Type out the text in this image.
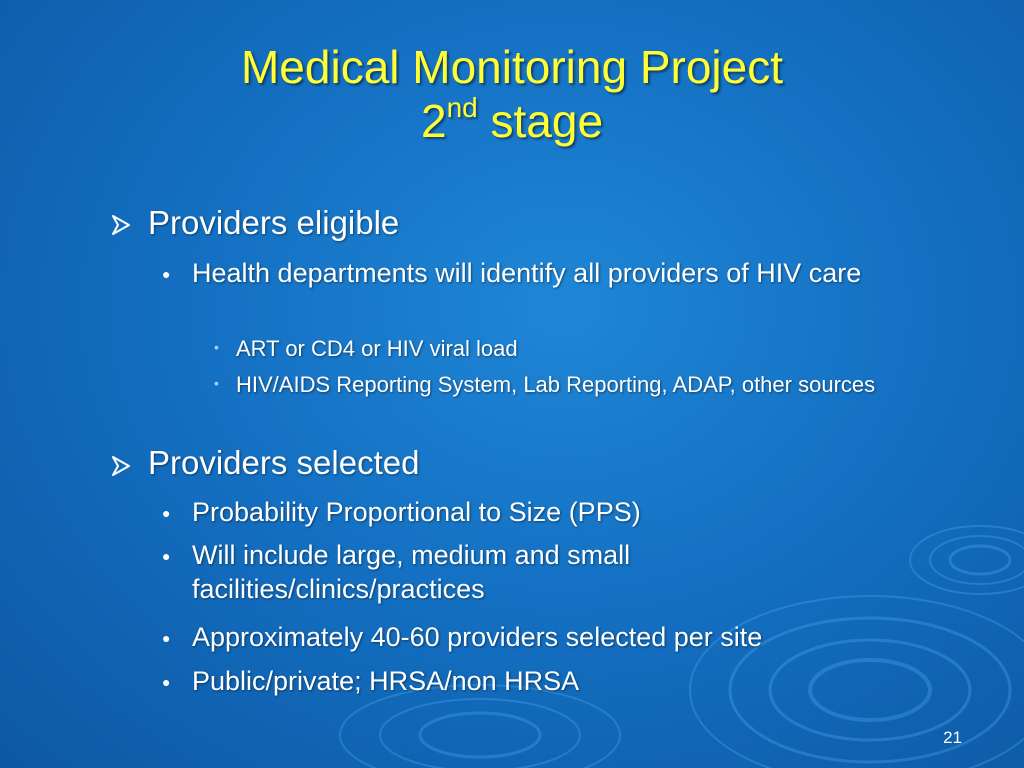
Medical Monitoring Project
2nd stage
Providers eligible
● Health departments will identify all providers of HIV care
• ART or CD4 or HIV viral load
• HIV/AIDS Reporting System, Lab Reporting, ADAP, other sources
Providers selected
● Probability Proportional to Size (PPS)
● Will include large, medium and small facilities/clinics/practices
● Approximately 40-60 providers selected per site
● Public/private; HRSA/non HRSA
21
